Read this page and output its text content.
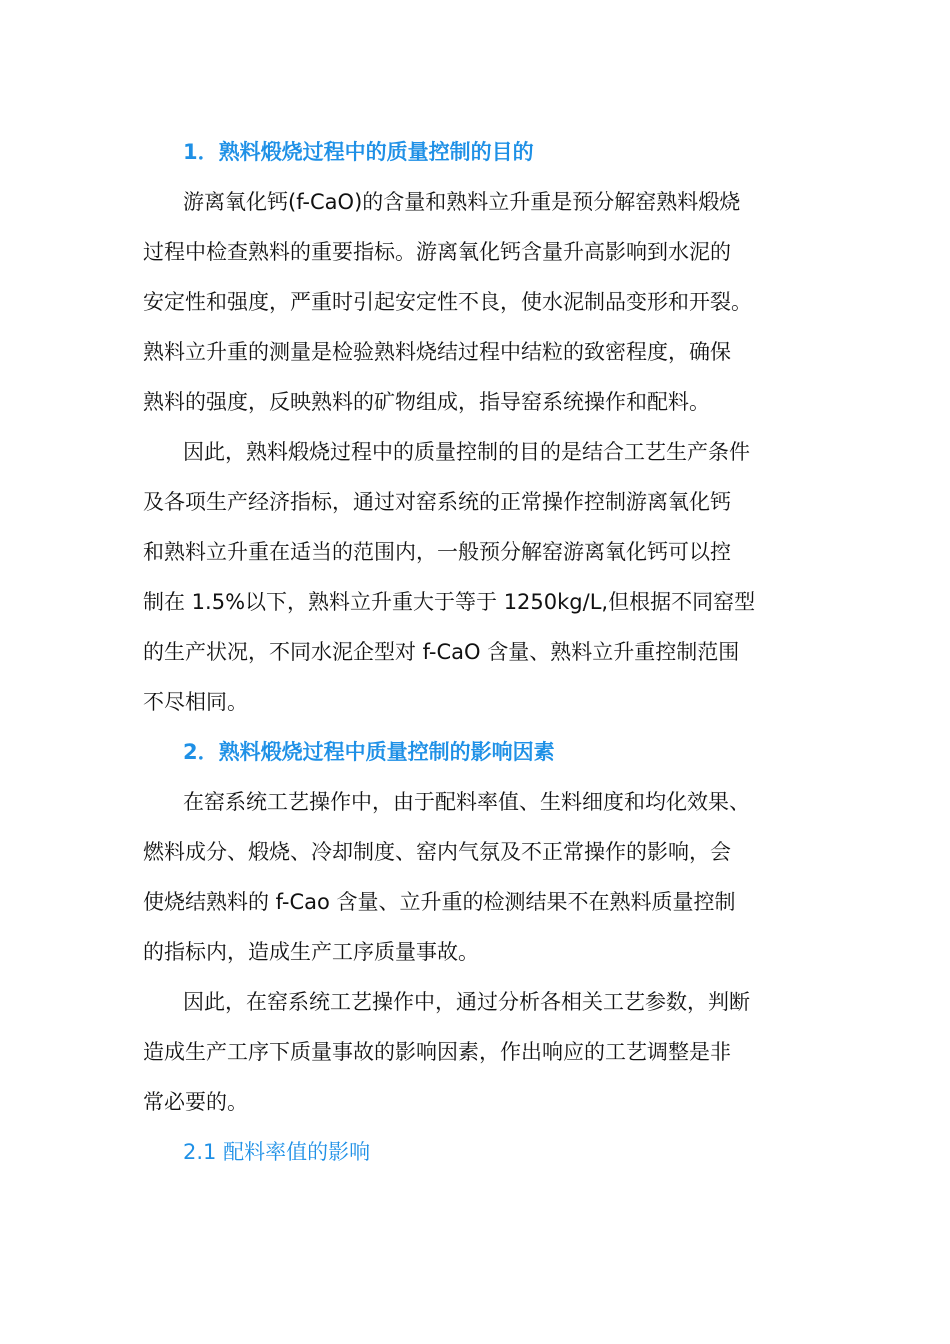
1．熟料煅烧过程中的质量控制的目的

游离氧化钙(f-CaO)的含量和熟料立升重是预分解窑熟料煅烧
过程中检查熟料的重要指标。游离氧化钙含量升高影响到水泥的
安定性和强度，严重时引起安定性不良，使水泥制品变形和开裂。
熟料立升重的测量是检验熟料烧结过程中结粒的致密程度，确保
熟料的强度，反映熟料的矿物组成，指导窑系统操作和配料。

因此，熟料煅烧过程中的质量控制的目的是结合工艺生产条件
及各项生产经济指标，通过对窑系统的正常操作控制游离氧化钙
和熟料立升重在适当的范围内，一般预分解窑游离氧化钙可以控
制在 1.5%以下，熟料立升重大于等于 1250kg/L,但根据不同窑型
的生产状况，不同水泥企型对 f-CaO 含量、熟料立升重控制范围
不尽相同。

2．熟料煅烧过程中质量控制的影响因素

在窑系统工艺操作中，由于配料率值、生料细度和均化效果、
燃料成分、煅烧、冷却制度、窑内气氛及不正常操作的影响，会
使烧结熟料的 f-Cao 含量、立升重的检测结果不在熟料质量控制
的指标内，造成生产工序质量事故。

因此，在窑系统工艺操作中，通过分析各相关工艺参数，判断
造成生产工序下质量事故的影响因素，作出响应的工艺调整是非
常必要的。

2.1 配料率值的影响
